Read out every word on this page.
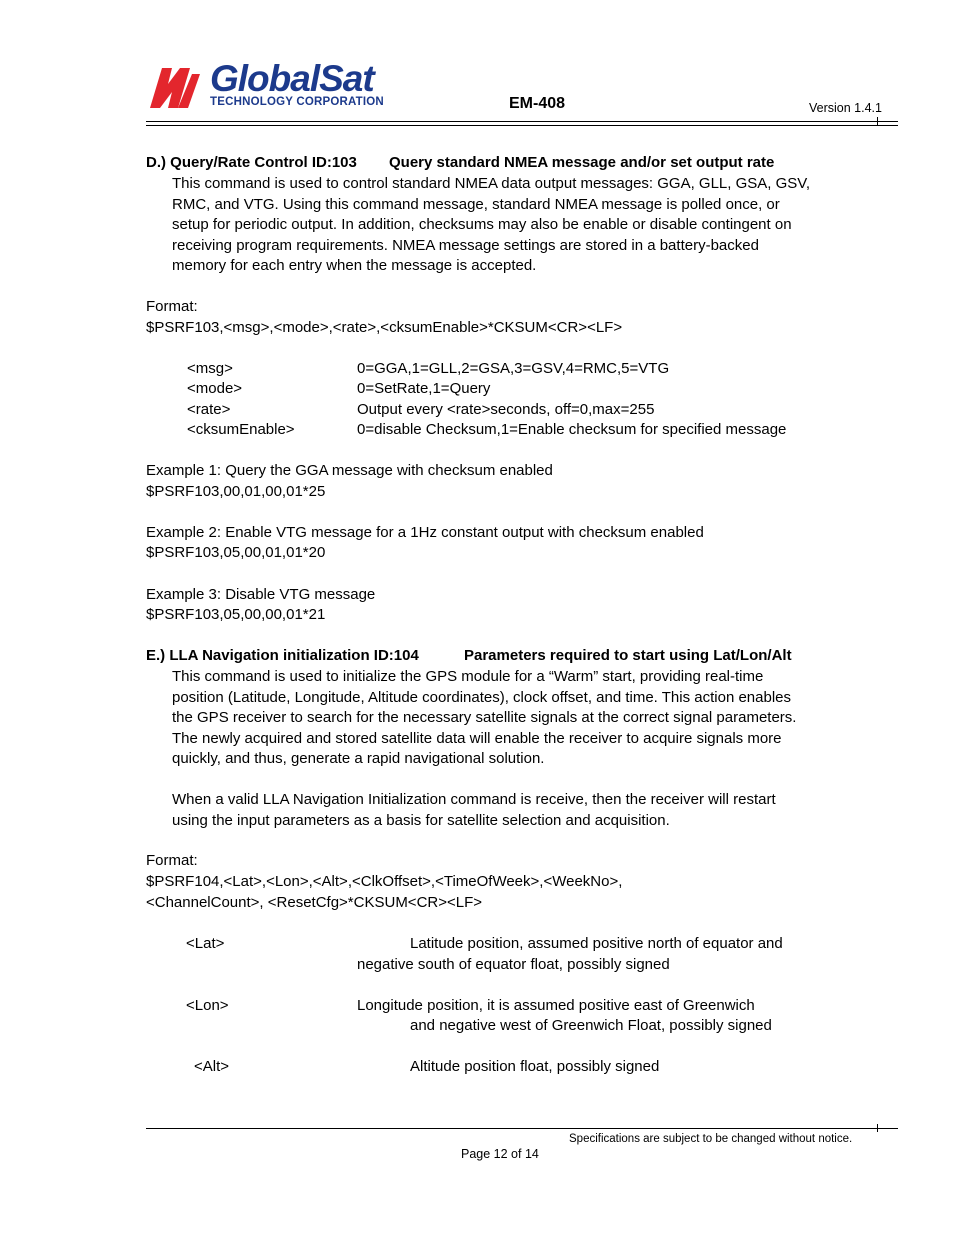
GlobalSat
TECHNOLOGY CORPORATION	EM-408	Version 1.4.1
D.) Query/Rate Control ID:103 Query standard NMEA message and/or set output rate
This command is used to control standard NMEA data output messages: GGA, GLL, GSA, GSV,
RMC, and VTG. Using this command message, standard NMEA message is polled once, or
setup for periodic output. In addition, checksums may also be enable or disable contingent on
receiving program requirements. NMEA message settings are stored in a battery-backed
memory for each entry when the message is accepted.
Format:
$PSRF103,<msg>,<mode>,<rate>,<cksumEnable>*CKSUM<CR><LF>
<msg>	0=GGA,1=GLL,2=GSA,3=GSV,4=RMC,5=VTG
<mode>	0=SetRate,1=Query
<rate>	Output every <rate>seconds, off=0,max=255
<cksumEnable>	0=disable Checksum,1=Enable checksum for specified message
Example 1: Query the GGA message with checksum enabled
$PSRF103,00,01,00,01*25
Example 2: Enable VTG message for a 1Hz constant output with checksum enabled
$PSRF103,05,00,01,01*20
Example 3: Disable VTG message
$PSRF103,05,00,00,01*21
E.) LLA Navigation initialization ID:104	Parameters required to start using Lat/Lon/Alt
This command is used to initialize the GPS module for a “Warm” start, providing real-time
position (Latitude, Longitude, Altitude coordinates), clock offset, and time. This action enables
the GPS receiver to search for the necessary satellite signals at the correct signal parameters.
The newly acquired and stored satellite data will enable the receiver to acquire signals more
quickly, and thus, generate a rapid navigational solution.
When a valid LLA Navigation Initialization command is receive, then the receiver will restart
using the input parameters as a basis for satellite selection and acquisition.
Format:
$PSRF104,<Lat>,<Lon>,<Alt>,<ClkOffset>,<TimeOfWeek>,<WeekNo>,
<ChannelCount>, <ResetCfg>*CKSUM<CR><LF>
<Lat>	Latitude position, assumed positive north of equator and
negative south of equator float, possibly signed
<Lon>	Longitude position, it is assumed positive east of Greenwich
and negative west of Greenwich Float, possibly signed
<Alt>	Altitude position float, possibly signed
Specifications are subject to be changed without notice.
Page 12 of 14
